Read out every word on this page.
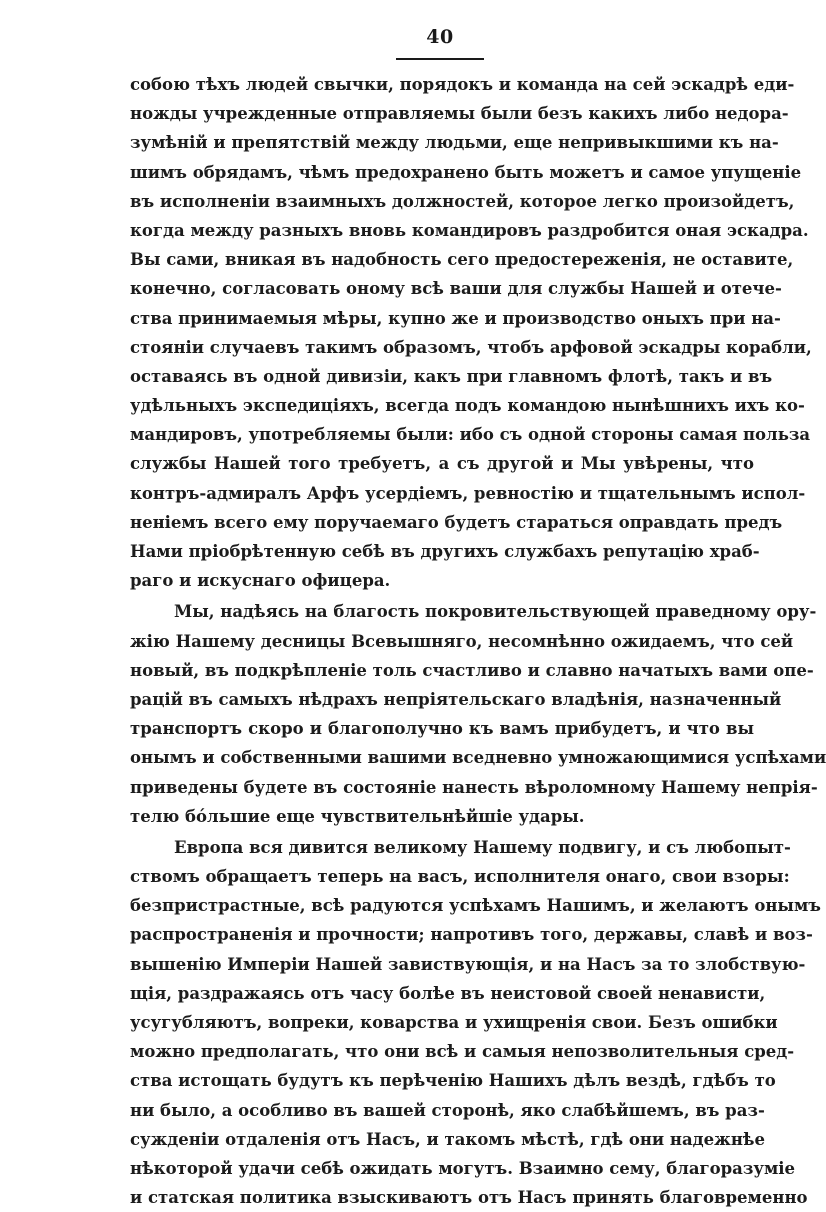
40
собою тѣхъ людей свычки, порядокъ и команда на сей эскадрѣ еди-
ножды учрежденные отправляемы были безъ какихъ либо недора-
зумѣній и препятствій между людьми, еще непривыкшими къ на-
шимъ обрядамъ, чѣмъ предохранено быть можетъ и самое упущеніе
въ исполненіи взаимныхъ должностей, которое легко произойдетъ,
когда между разныхъ вновь командировъ раздробится оная эскадра.
Вы сами, вникая въ надобность сего предостереженія, не оставите,
конечно, согласовать оному всѣ ваши для службы Нашей и отече-
ства принимаемыя мѣры, купно же и производство оныхъ при на-
стояніи случаевъ такимъ образомъ, чтобъ арфовой эскадры корабли,
оставаясь въ одной дивизіи, какъ при главномъ флотѣ, такъ и въ
удѣльныхъ экспедиціяхъ, всегда подъ командою нынѣшнихъ ихъ ко-
мандировъ, употребляемы были: ибо съ одной стороны самая польза
службы Нашей того требуетъ, а съ другой и Мы увѣрены, что
контръ-адмиралъ Арфъ усердіемъ, ревностію и тщательнымъ испол-
неніемъ всего ему поручаемаго будетъ стараться оправдать предъ
Нами пріобрѣтенную себѣ въ другихъ службахъ репутацію храб-
раго и искуснаго офицера.
Мы, надѣясь на благость покровительствующей праведному ору-
жію Нашему десницы Всевышняго, несомнѣнно ожидаемъ, что сей
новый, въ подкрѣпленіе толь счастливо и славно начатыхъ вами опе-
рацій въ самыхъ нѣдрахъ непріятельскаго владѣнія, назначенный
транспортъ скоро и благополучно къ вамъ прибудетъ, и что вы
онымъ и собственными вашими вседневно умножающимися успѣхами
приведены будете въ состояніе нанесть вѣроломному Нашему непрія-
телю бóльшие еще чувствительнѣйшіе удары.
Европа вся дивится великому Нашему подвигу, и съ любопыт-
ствомъ обращаетъ теперь на васъ, исполнителя онаго, свои взоры:
безпристрастные, всѣ радуются успѣхамъ Нашимъ, и желаютъ онымъ
распространенія и прочности; напротивъ того, державы, славѣ и воз-
вышенію Имперіи Нашей завиствующія, и на Насъ за то злобствую-
щія, раздражаясь отъ часу болѣе въ неистовой своей ненависти,
усугубляютъ, вопреки, коварства и ухищренія свои. Безъ ошибки
можно предполагать, что они всѣ и самыя непозволительныя сред-
ства истощать будутъ къ перѣченію Нашихъ дѣлъ вездѣ, гдѣбъ то
ни было, а особливо въ вашей сторонѣ, яко слабѣйшемъ, въ раз-
сужденіи отдаленія отъ Насъ, и такомъ мѣстѣ, гдѣ они надежнѣе
нѣкоторой удачи себѣ ожидать могутъ. Взаимно сему, благоразуміе
и статская политика взыскиваютъ отъ Насъ принять благовременно
